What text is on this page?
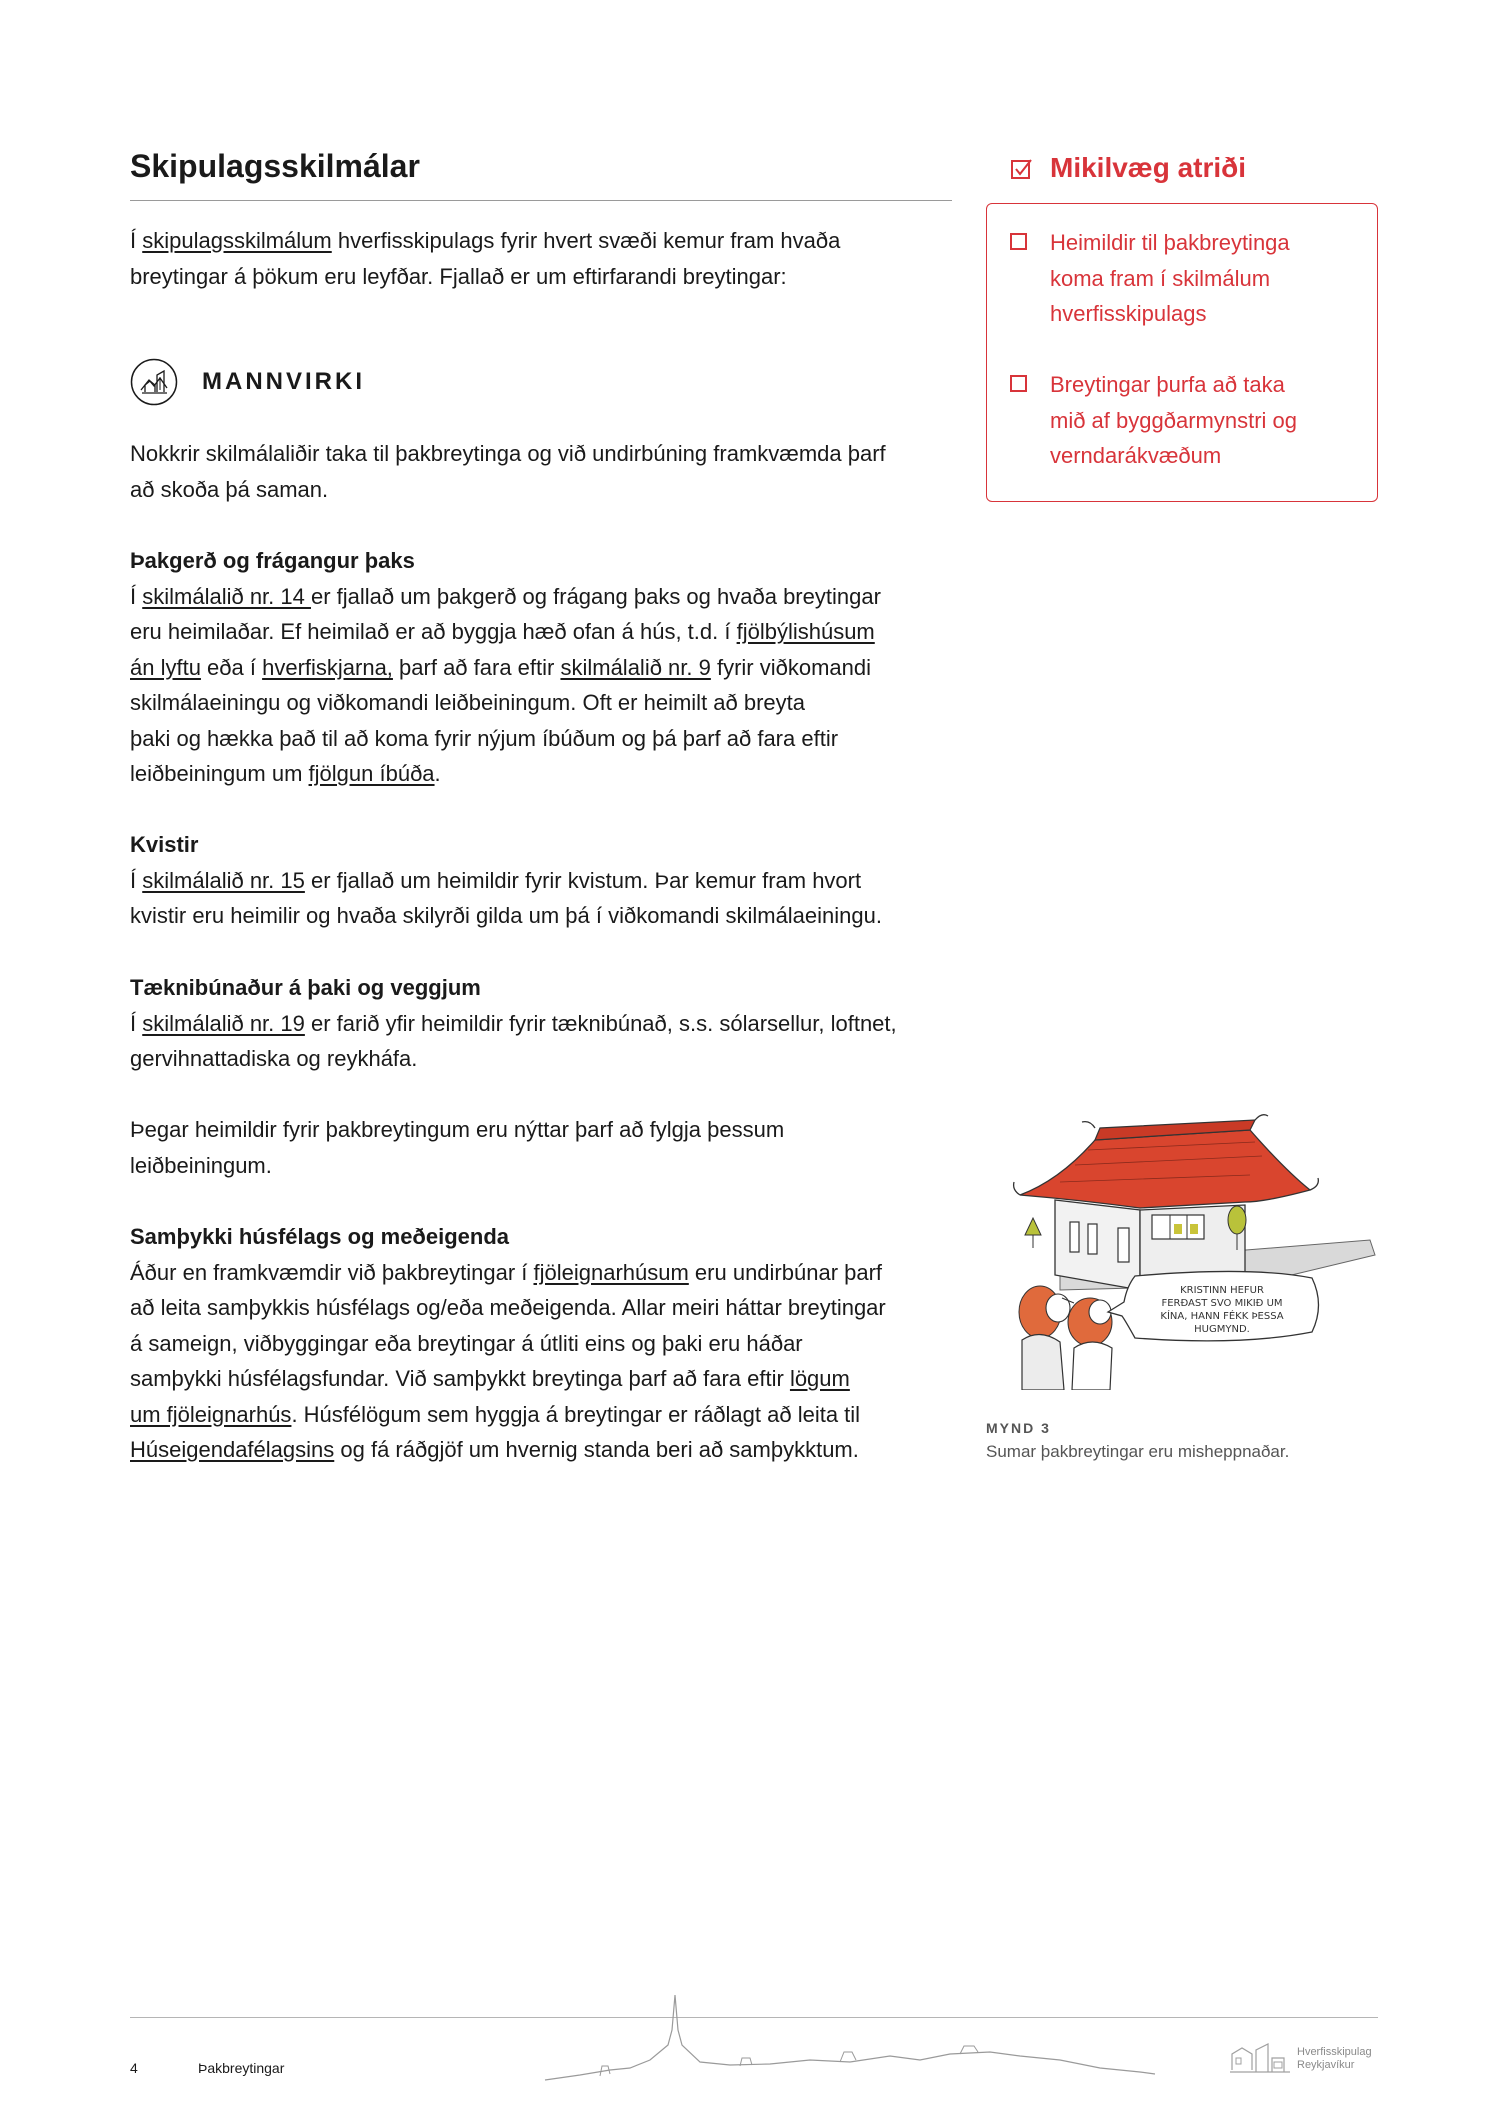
Skipulagsskilmálar

Í skipulagsskilmálum hverfisskipulags fyrir hvert svæði kemur fram hvaða

breytingar á þökum eru leyfðar. Fjallað er um eftirfarandi breytingar:

MANNVIRKI

Nokkrir skilmálaliðir taka til þakbreytinga og við undirbúning framkvæmda þarf

að skoða þá saman.

Þakgerð og frágangur þaks

Í skilmálalið nr. 14 er fjallað um þakgerð og frágang þaks og hvaða breytingar

eru heimilaðar. Ef heimilað er að byggja hæð ofan á hús, t.d. í fjölbýlishúsum

án lyftu eða í hverfiskjarna, þarf að fara eftir skilmálalið nr. 9 fyrir viðkomandi

skilmálaeiningu og viðkomandi leiðbeiningum. Oft er heimilt að breyta

þaki og hækka það til að koma fyrir nýjum íbúðum og þá þarf að fara eftir

leiðbeiningum um fjölgun íbúða.

Kvistir

Í skilmálalið nr. 15 er fjallað um heimildir fyrir kvistum. Þar kemur fram hvort

kvistir eru heimilir og hvaða skilyrði gilda um þá í viðkomandi skilmálaeiningu.

Tæknibúnaður á þaki og veggjum

Í skilmálalið nr. 19 er farið yfir heimildir fyrir tæknibúnað, s.s. sólarsellur, loftnet,

gervihnattadiska og reykháfa.

Þegar heimildir fyrir þakbreytingum eru nýttar þarf að fylgja þessum

leiðbeiningum.

Samþykki húsfélags og meðeigenda

Áður en framkvæmdir við þakbreytingar í fjöleignarhúsum eru undirbúnar þarf

að leita samþykkis húsfélags og/eða meðeigenda. Allar meiri háttar breytingar

á sameign, viðbyggingar eða breytingar á útliti eins og þaki eru háðar

samþykki húsfélagsfundar. Við samþykkt breytinga þarf að fara eftir lögum

um fjöleignarhús. Húsfélögum sem hyggja á breytingar er ráðlagt að leita til

Húseigendafélagsins og fá ráðgjöf um hvernig standa beri að samþykktum.

Mikilvæg atriði
Heimildir til þakbreytinga
koma fram í skilmálum
hverfisskipulags
Breytingar þurfa að taka
mið af byggðarmynstri og
verndarákvæðum
KRISTINN HEFUR
FERÐAST SVO MIKIÐ UM
KÍNA, HANN FÉKK ÞESSA
HUGMYND.
MYND 3
Sumar þakbreytingar eru misheppnaðar.
4	Þakbreytingar
Hverfisskipulag
Reykjavíkur
